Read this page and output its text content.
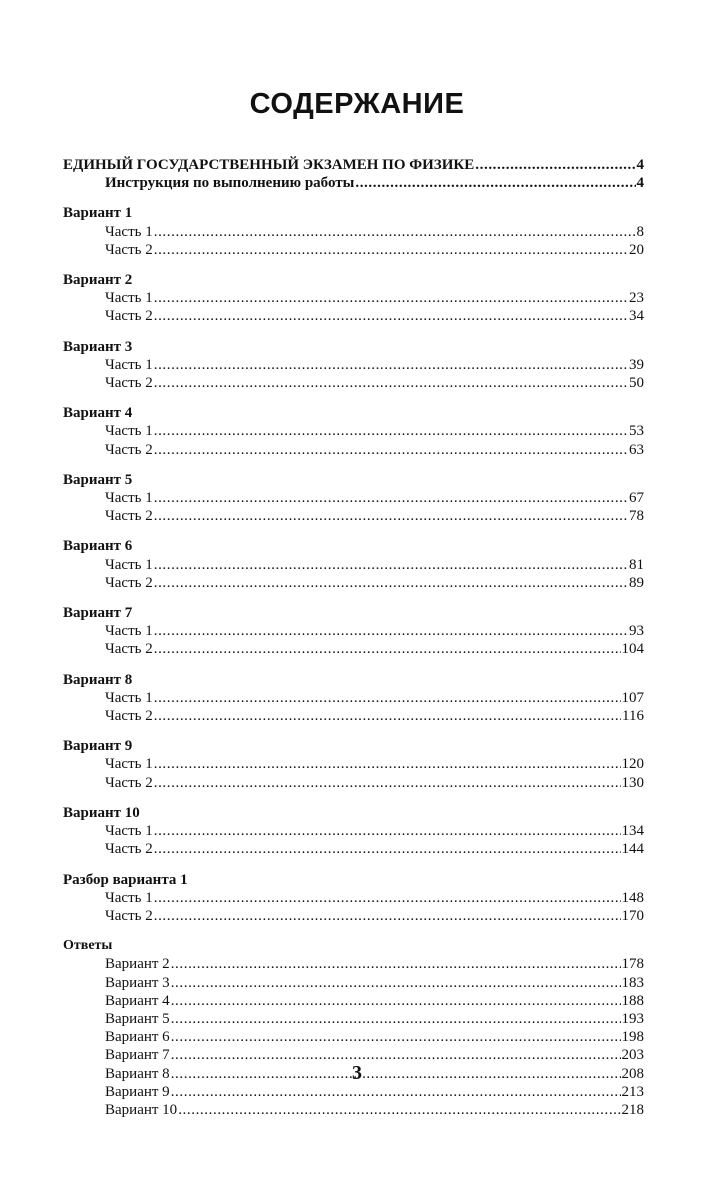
СОДЕРЖАНИЕ
ЕДИНЫЙ ГОСУДАРСТВЕННЫЙ ЭКЗАМЕН ПО ФИЗИКЕ .....	4
Инструкция по выполнению работы .....	4
Вариант 1
Часть 1 .....	8
Часть 2 .....	20
Вариант 2
Часть 1 .....	23
Часть 2 .....	34
Вариант 3
Часть 1 .....	39
Часть 2 .....	50
Вариант 4
Часть 1 .....	53
Часть 2 .....	63
Вариант 5
Часть 1 .....	67
Часть 2 .....	78
Вариант 6
Часть 1 .....	81
Часть 2 .....	89
Вариант 7
Часть 1 .....	93
Часть 2 .....	104
Вариант 8
Часть 1 .....	107
Часть 2 .....	116
Вариант 9
Часть 1 .....	120
Часть 2 .....	130
Вариант 10
Часть 1 .....	134
Часть 2 .....	144
Разбор варианта 1
Часть 1 .....	148
Часть 2 .....	170
Ответы
Вариант 2 .....	178
Вариант 3 .....	183
Вариант 4 .....	188
Вариант 5 .....	193
Вариант 6 .....	198
Вариант 7 .....	203
Вариант 8 .....	208
Вариант 9 .....	213
Вариант 10 .....	218
3
